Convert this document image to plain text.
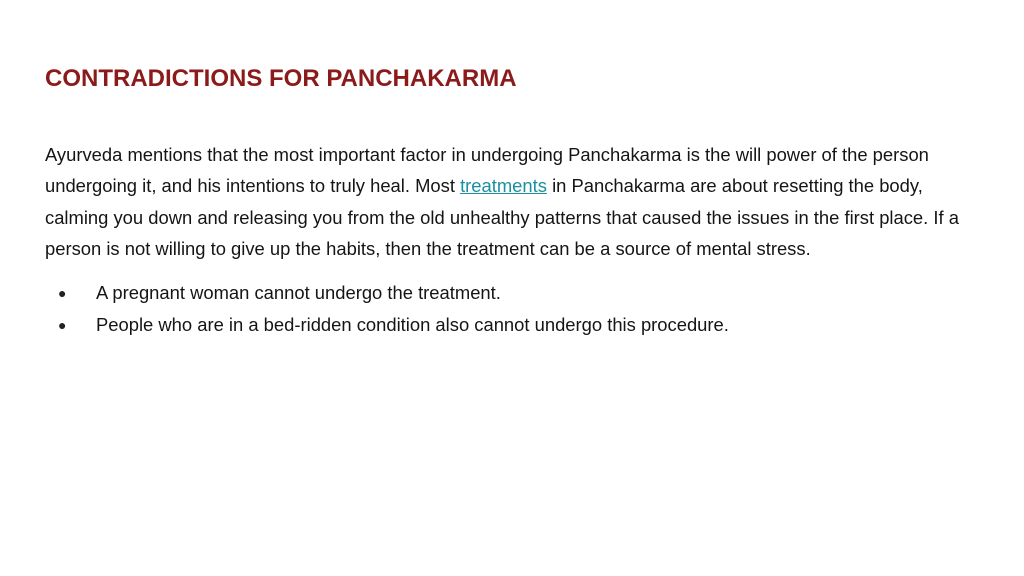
CONTRADICTIONS FOR PANCHAKARMA

Ayurveda mentions that the most important factor in undergoing Panchakarma is the will power of the person undergoing it, and his intentions to truly heal. Most treatments in Panchakarma are about resetting the body, calming you down and releasing you from the old unhealthy patterns that caused the issues in the first place. If a person is not willing to give up the habits, then the treatment can be a source of mental stress.

● A pregnant woman cannot undergo the treatment.
● People who are in a bed-ridden condition also cannot undergo this procedure.
